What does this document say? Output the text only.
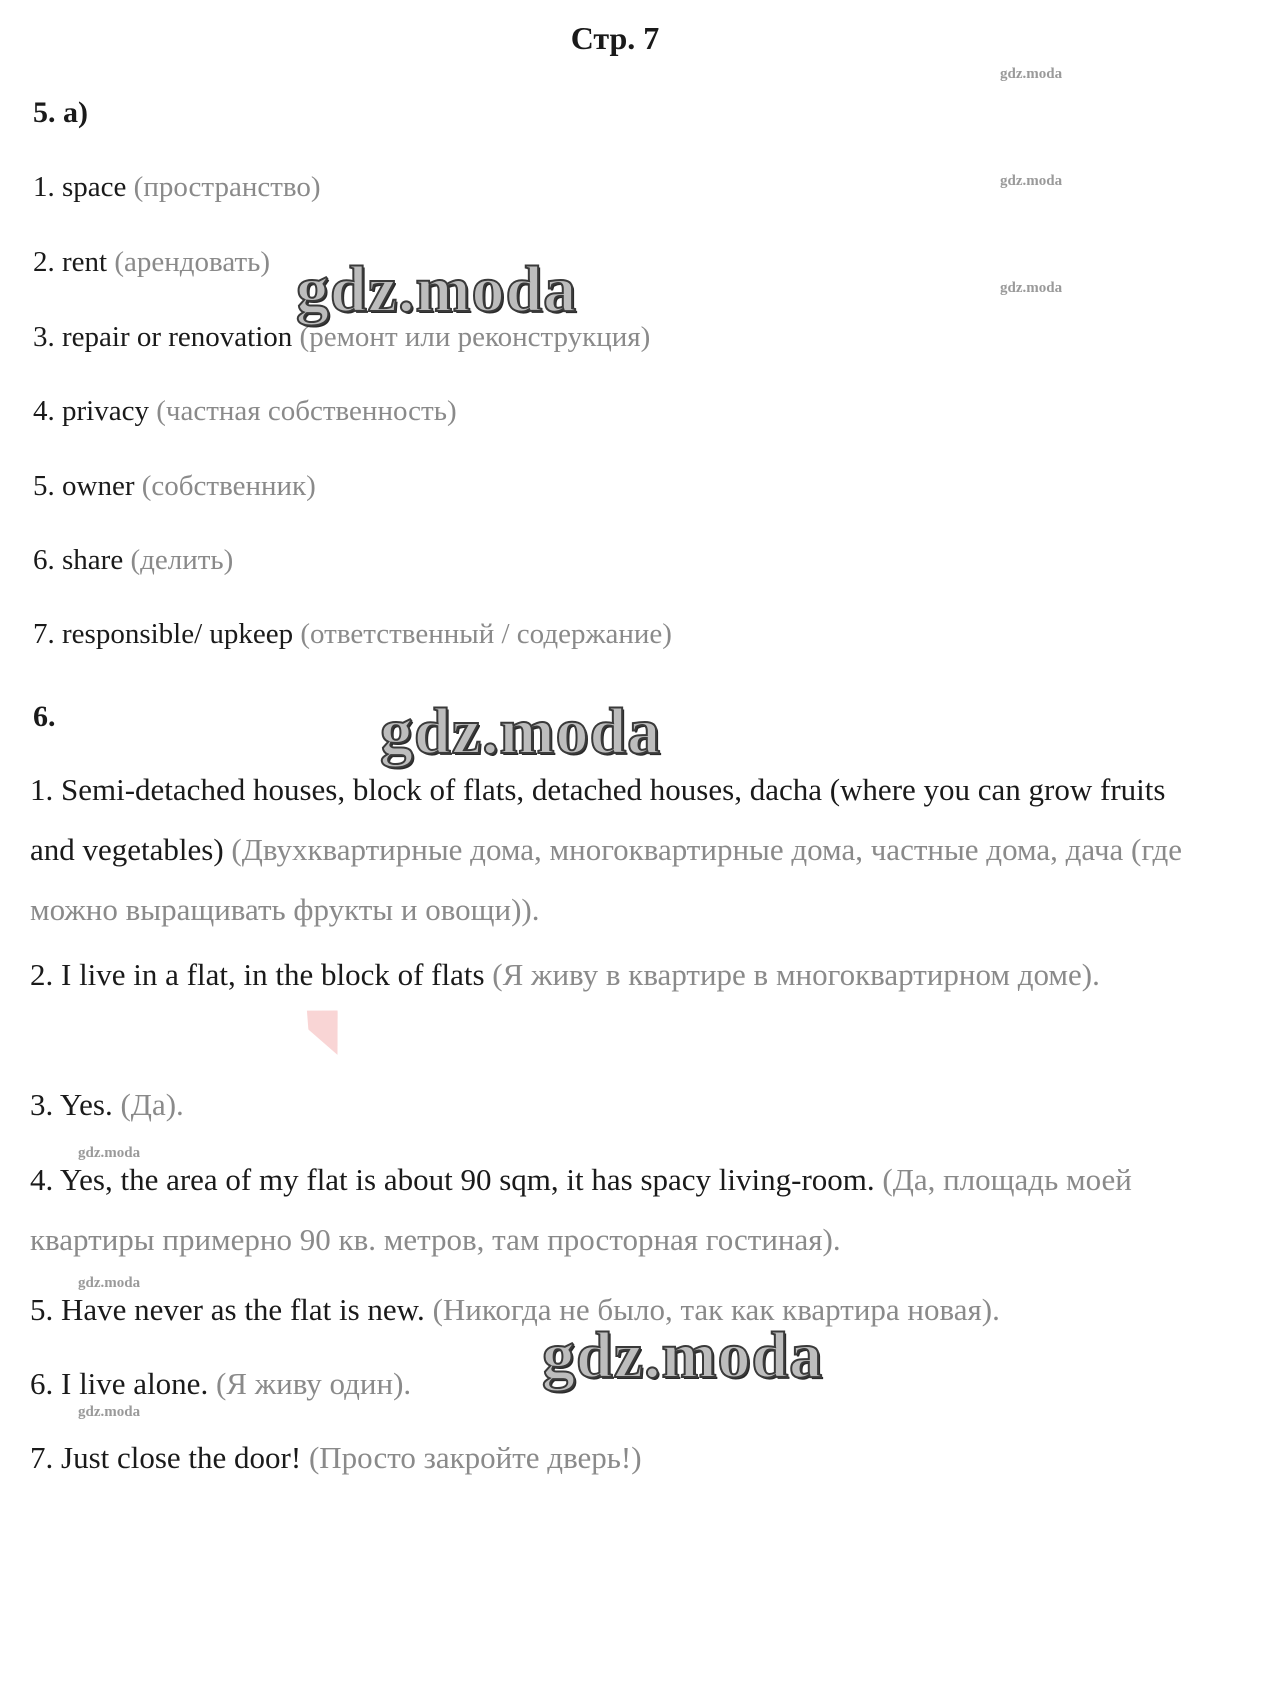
Стр. 7
5. a)
1. space (пространство)
2. rent (арендовать)
3. repair or renovation (ремонт или реконструкция)
4. privacy (частная собственность)
5. owner (собственник)
6. share (делить)
7. responsible/ upkeep (ответственный / содержание)
6.
1. Semi-detached houses, block of flats, detached houses, dacha (where you can grow fruits and vegetables) (Двухквартирные дома, многоквартирные дома, частные дома, дача (где можно выращивать фрукты и овощи)).
2. I live in a flat, in the block of flats (Я живу в квартире в многоквартирном доме).
3. Yes. (Да).
4. Yes, the area of my flat is about 90 sqm, it has spacy living-room. (Да, площадь моей квартиры примерно 90 кв. метров, там просторная гостиная).
5. Have never as the flat is new. (Никогда не было, так как квартира новая).
6. I live alone. (Я живу один).
7. Just close the door! (Просто закройте дверь!)
gdz.moda
gdz.moda
gdz.moda
gdz.moda
gdz.moda
gdz.moda
gdz.moda
gdz.moda
gdz.moda
